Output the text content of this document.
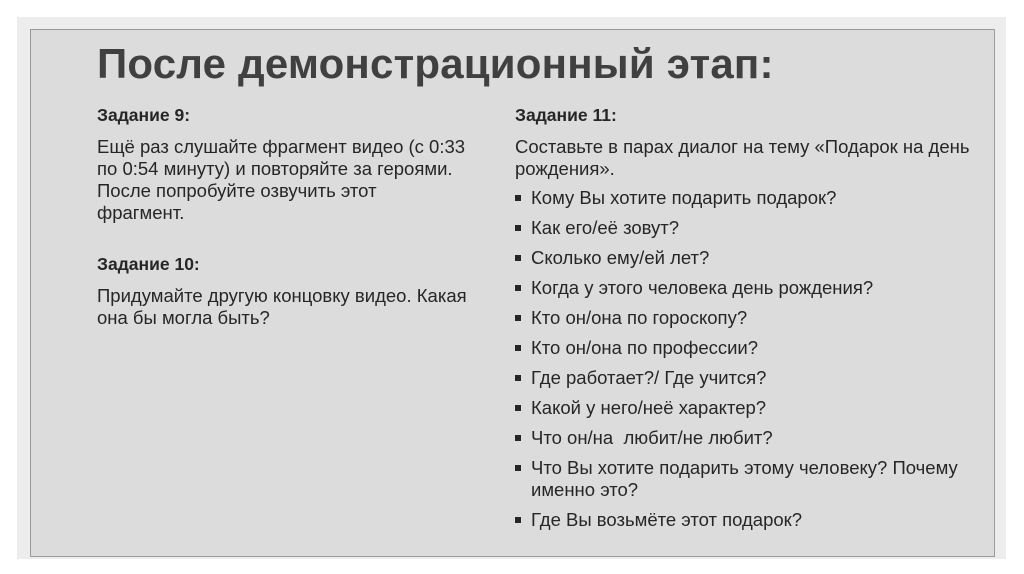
После демонстрационный этап:
Задание 9:

Ещё раз слушайте фрагмент видео (с 0:33 по 0:54 минуту) и повторяйте за героями. После попробуйте озвучить этот фрагмент.

Задание 10:

Придумайте другую концовку видео. Какая она бы могла быть?

Задание 11:

Составьте в парах диалог на тему «Подарок на день рождения».

Кому Вы хотите подарить подарок?
Как его/её зовут?
Сколько ему/ей лет?
Когда у этого человека день рождения?
Кто он/она по гороскопу?
Кто он/она по профессии?
Где работает?/ Где учится?
Какой у него/неё характер?
Что он/на  любит/не любит?
Что Вы хотите подарить этому человеку? Почему именно это?
Где Вы возьмёте этот подарок?
